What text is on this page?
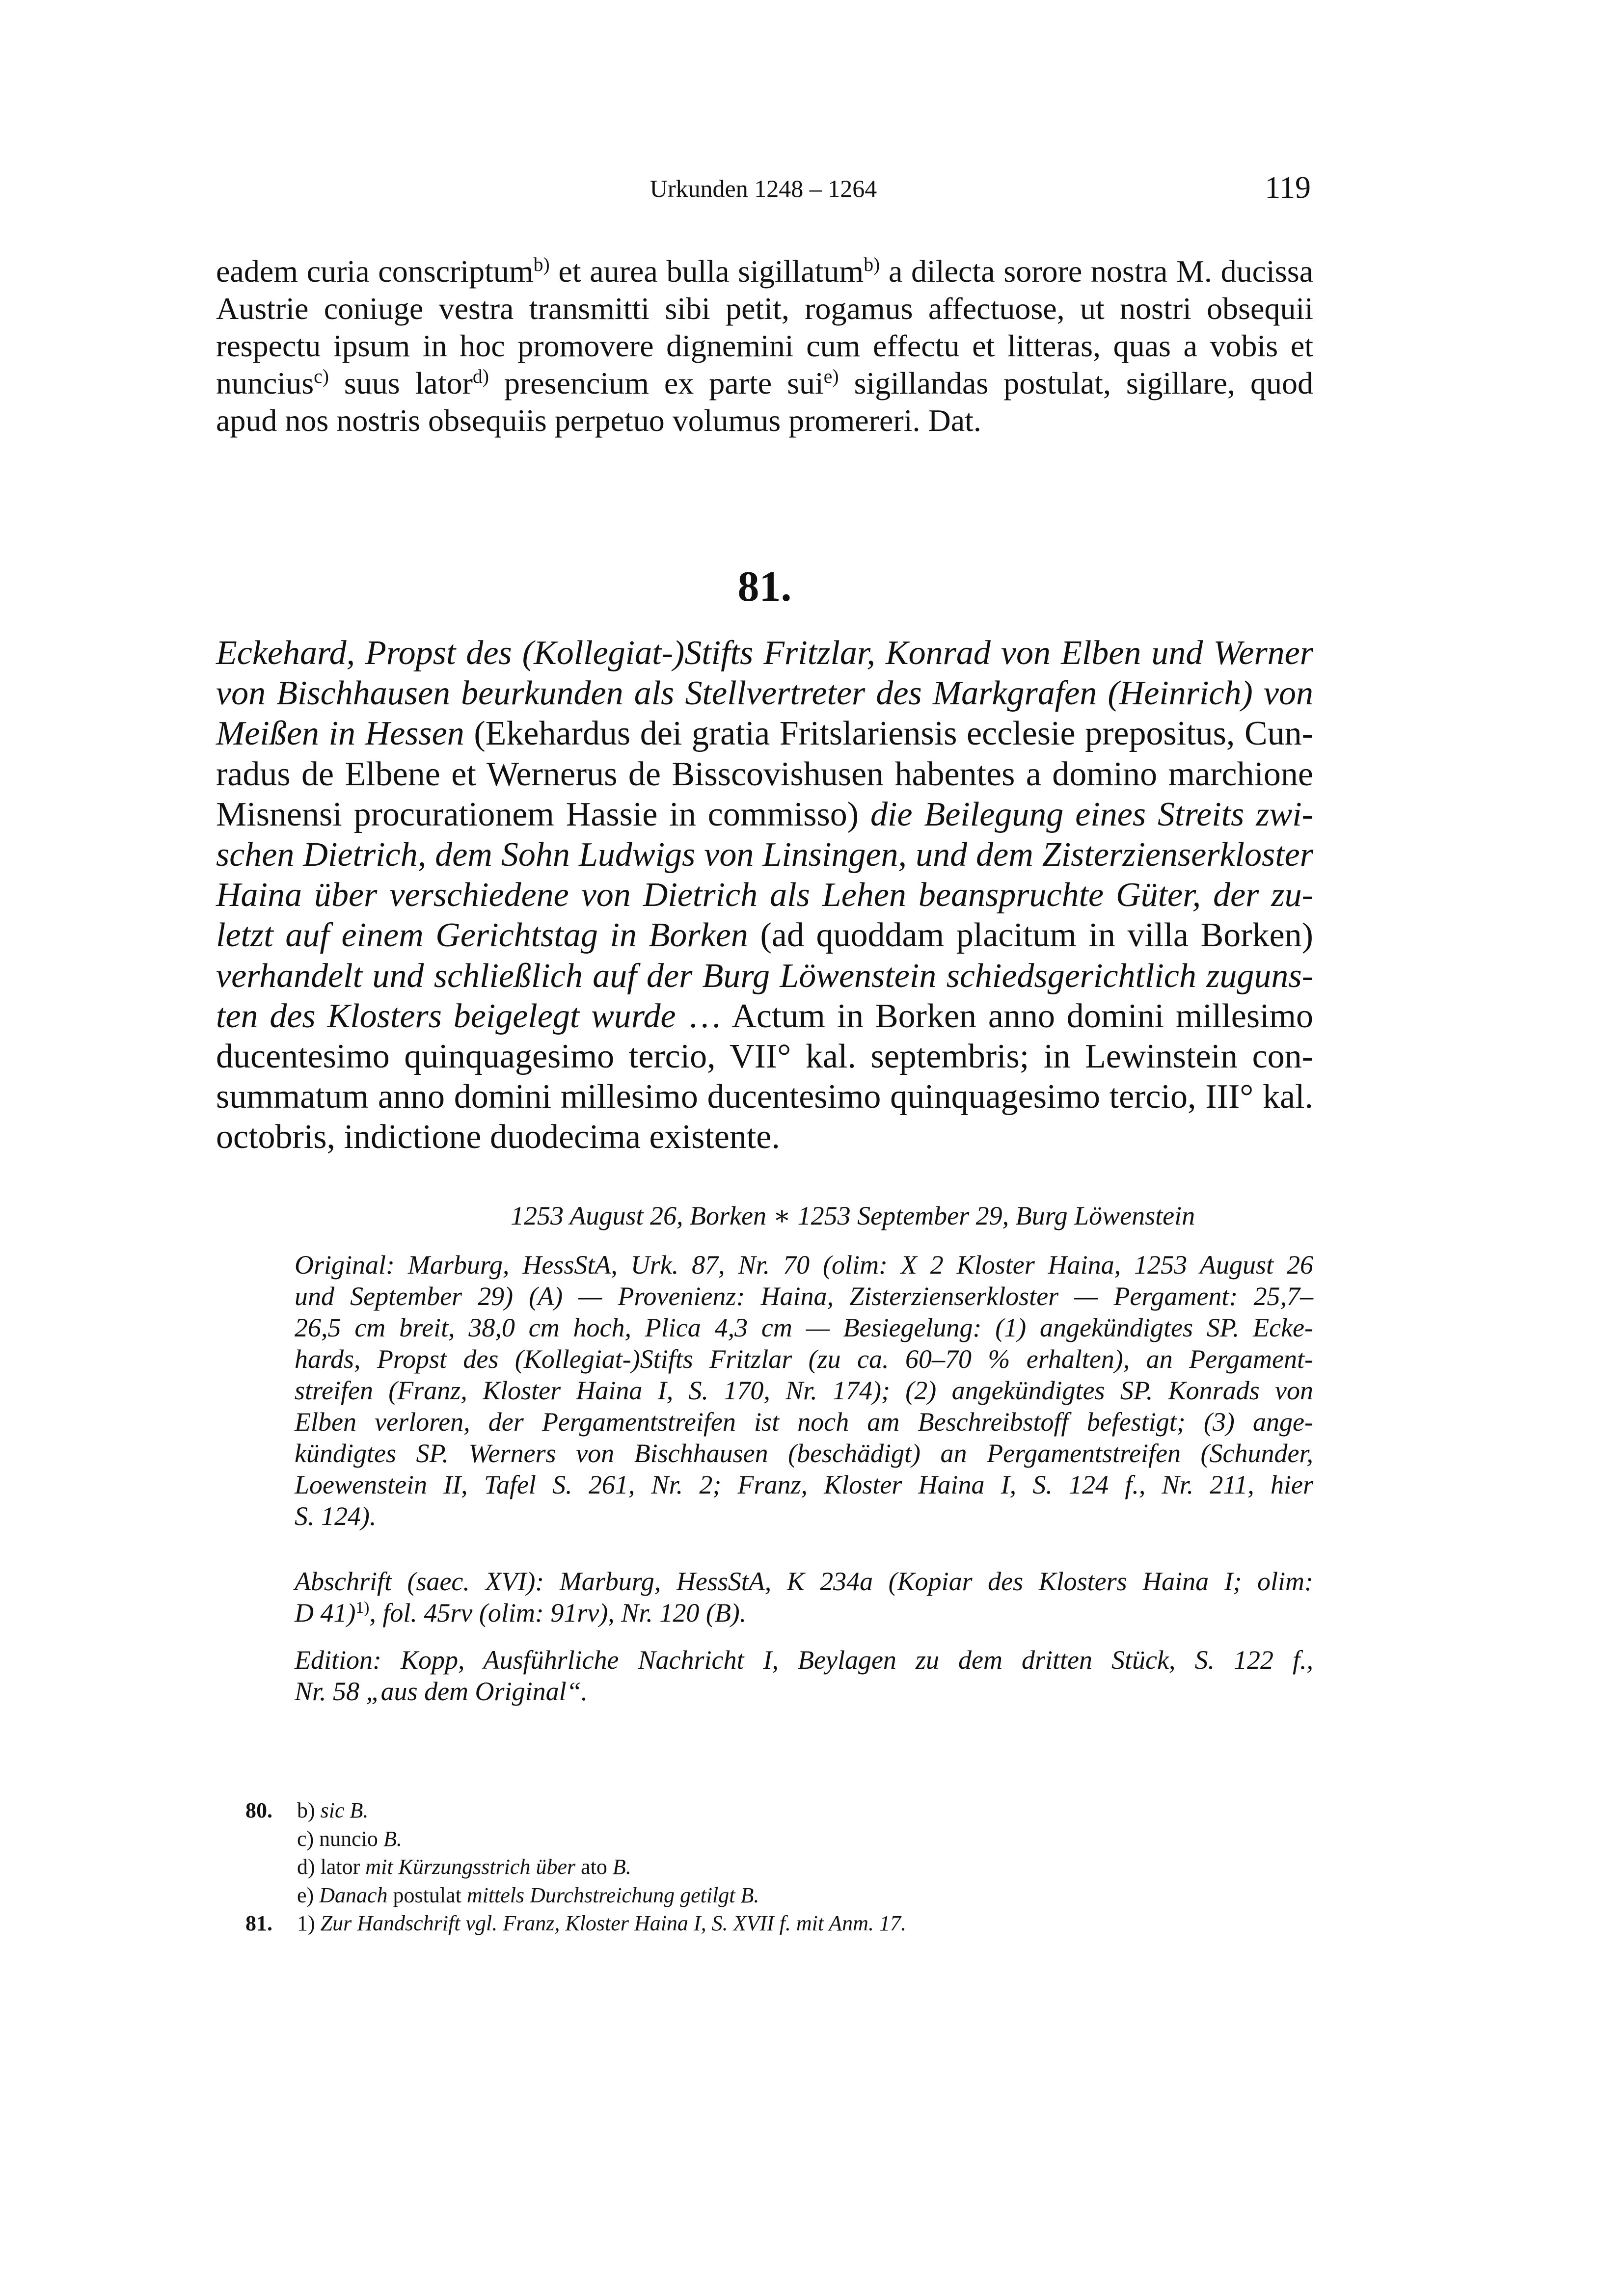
Urkunden 1248 – 1264	119
eadem curia conscriptum$^{b)}$ et aurea bulla sigillatum$^{b)}$ a dilecta sorore nostra M. ducissa
Austrie coniuge vestra transmitti sibi petit, rogamus affectuose, ut nostri obsequii
respectu ipsum in hoc promovere dignemini cum effectu et litteras, quas a vobis et
nuncius$^{c)}$ suus lator$^{d)}$ presencium ex parte sui$^{e)}$ sigillandas postulat, sigillare, quod
apud nos nostris obsequiis perpetuo volumus promereri. Dat.
81.
Eckehard, Propst des (Kollegiat-)Stifts Fritzlar, Konrad von Elben und Werner
von Bischhausen beurkunden als Stellvertreter des Markgrafen (Heinrich) von
Meißen in Hessen (Ekehardus dei gratia Fritslariensis ecclesie prepositus, Cun-
radus de Elbene et Wernerus de Bisscovishusen habentes a domino marchione
Misnensi procurationem Hassie in commisso) die Beilegung eines Streits zwi-
schen Dietrich, dem Sohn Ludwigs von Linsingen, und dem Zisterzienserkloster
Haina über verschiedene von Dietrich als Lehen beanspruchte Güter, der zu-
letzt auf einem Gerichtstag in Borken (ad quoddam placitum in villa Borken)
verhandelt und schließlich auf der Burg Löwenstein schiedsgerichtlich zuguns-
ten des Klosters beigelegt wurde … Actum in Borken anno domini millesimo
ducentesimo quinquagesimo tercio, VII° kal. septembris; in Lewinstein con-
summatum anno domini millesimo ducentesimo quinquagesimo tercio, III° kal.
octobris, indictione duodecima existente.
1253 August 26, Borken ∗ 1253 September 29, Burg Löwenstein
Original: Marburg, HessStA, Urk. 87, Nr. 70 (olim: X 2 Kloster Haina, 1253 August 26
und September 29) (A) — Provenienz: Haina, Zisterzienserkloster — Pergament: 25,7–
26,5 cm breit, 38,0 cm hoch, Plica 4,3 cm — Besiegelung: (1) angekündigtes SP. Ecke-
hards, Propst des (Kollegiat-)Stifts Fritzlar (zu ca. 60–70 % erhalten), an Pergament-
streifen (Franz, Kloster Haina I, S. 170, Nr. 174); (2) angekündigtes SP. Konrads von
Elben verloren, der Pergamentstreifen ist noch am Beschreibstoff befestigt; (3) ange-
kündigtes SP. Werners von Bischhausen (beschädigt) an Pergamentstreifen (Schunder,
Loewenstein II, Tafel S. 261, Nr. 2; Franz, Kloster Haina I, S. 124 f., Nr. 211, hier
S. 124).
Abschrift (saec. XVI): Marburg, HessStA, K 234a (Kopiar des Klosters Haina I; olim:
D 41)$^{1)}$, fol. 45rv (olim: 91rv), Nr. 120 (B).
Edition: Kopp, Ausführliche Nachricht I, Beylagen zu dem dritten Stück, S. 122 f.,
Nr. 58 „aus dem Original“.
80. b) sic B.
c) nuncio B.
d) lator mit Kürzungsstrich über ato B.
e) Danach postulat mittels Durchstreichung getilgt B.
81. 1) Zur Handschrift vgl. Franz, Kloster Haina I, S. XVII f. mit Anm. 17.
